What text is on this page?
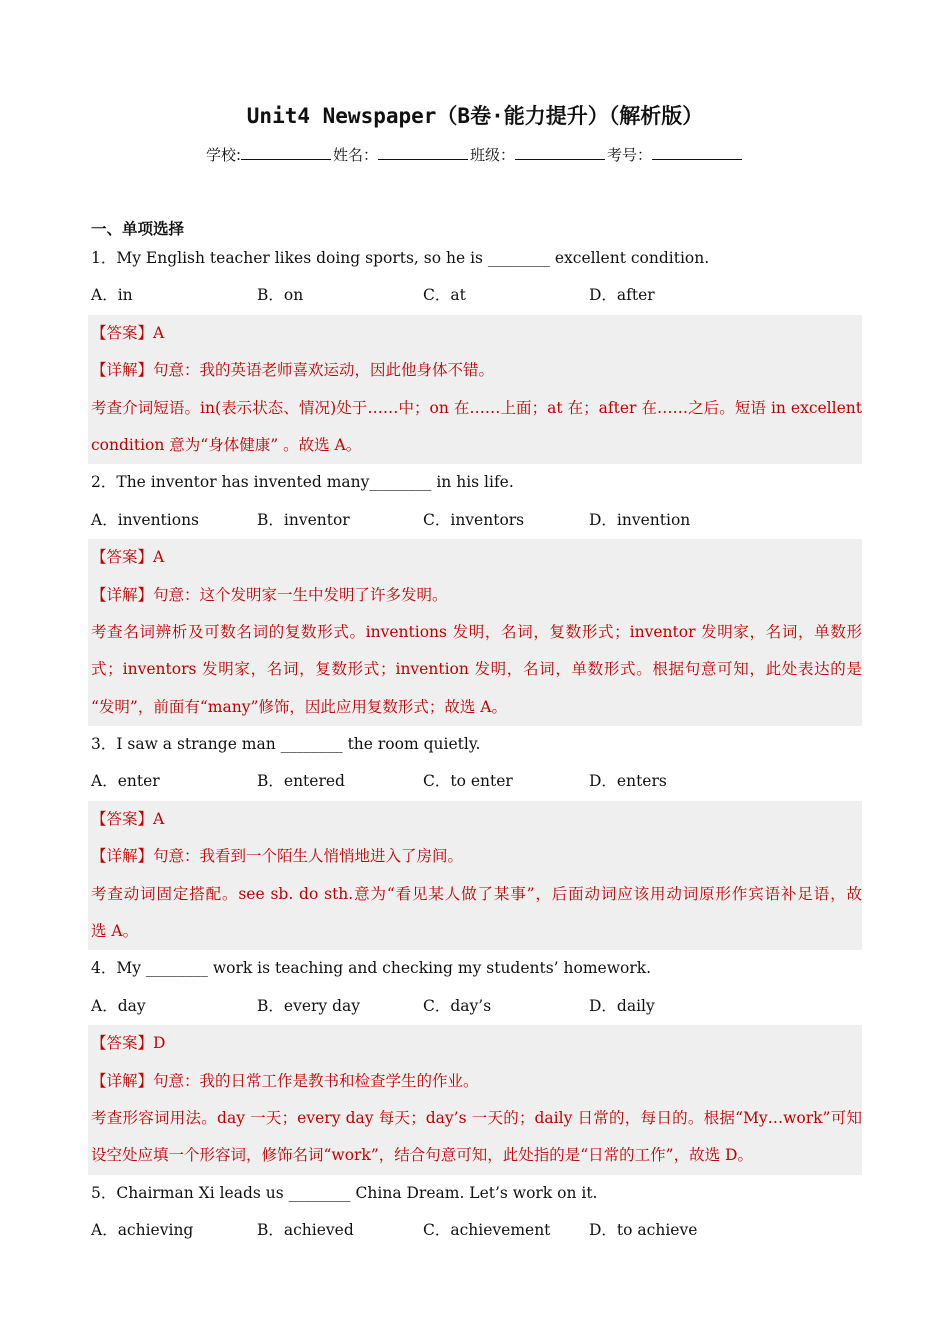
Unit4 Newspaper（B卷·能力提升）（解析版）
学校:	姓名：	班级：	考号：
一、单项选择
1．My English teacher likes doing sports, so he is ________ excellent condition.
A．in	B．on	C．at	D．after
【答案】A
【详解】句意：我的英语老师喜欢运动，因此他身体不错。
考查介词短语。in(表示状态、情况)处于……中；on 在……上面；at 在；after 在……之后。短语 in excellent
condition 意为“身体健康” 。故选 A。
2．The inventor has invented many________ in his life.
A．inventions	B．inventor	C．inventors	D．invention
【答案】A
【详解】句意：这个发明家一生中发明了许多发明。
考查名词辨析及可数名词的复数形式。inventions 发明，名词，复数形式；inventor 发明家，名词，单数形
式；inventors 发明家，名词，复数形式；invention 发明，名词，单数形式。根据句意可知，此处表达的是
“发明”，前面有“many”修饰，因此应用复数形式；故选 A。
3．I saw a strange man ________ the room quietly.
A．enter	B．entered	C．to enter	D．enters
【答案】A
【详解】句意：我看到一个陌生人悄悄地进入了房间。
考查动词固定搭配。see sb. do sth.意为“看见某人做了某事”，后面动词应该用动词原形作宾语补足语，故
选 A。
4．My ________ work is teaching and checking my students’ homework.
A．day	B．every day	C．day’s	D．daily
【答案】D
【详解】句意：我的日常工作是教书和检查学生的作业。
考查形容词用法。day 一天；every day 每天；day’s 一天的；daily 日常的，每日的。根据“My…work”可知
设空处应填一个形容词，修饰名词“work”，结合句意可知，此处指的是“日常的工作”，故选 D。
5．Chairman Xi leads us ________ China Dream. Let’s work on it.
A．achieving	B．achieved	C．achievement	D．to achieve
